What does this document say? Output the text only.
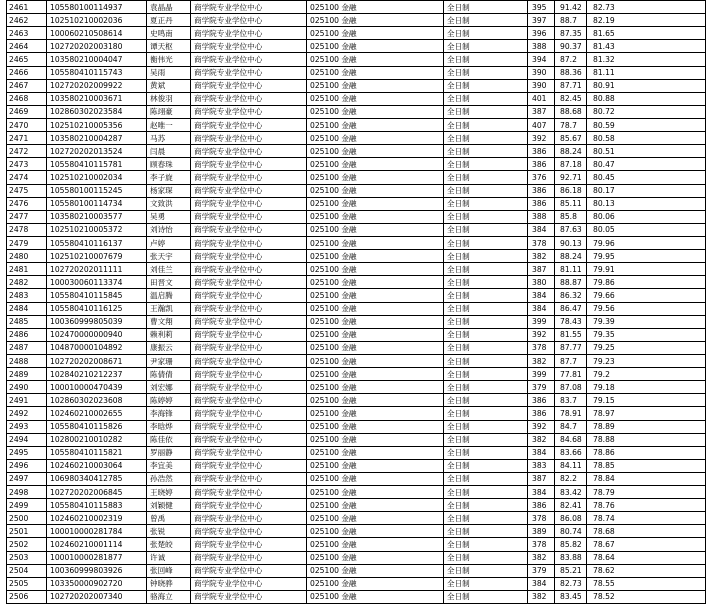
2461	105580100114937	袁晶晶	商学院专业学位中心	025100 金融	全日制	395	91.42	82.73
2462	102510210002036	夏正丹	商学院专业学位中心	025100 金融	全日制	397	88.7	82.19
2463	100060210508614	史鸣南	商学院专业学位中心	025100 金融	全日制	396	87.35	81.65
2464	102720202003180	谭天枢	商学院专业学位中心	025100 金融	全日制	388	90.37	81.43
2465	103580210004047	衡伟光	商学院专业学位中心	025100 金融	全日制	394	87.2	81.32
2466	105580410115743	吴雨	商学院专业学位中心	025100 金融	全日制	390	88.36	81.11
2467	102720202009922	黄斌	商学院专业学位中心	025100 金融	全日制	390	87.71	80.91
2468	103580210003671	林俊羽	商学院专业学位中心	025100 金融	全日制	401	82.45	80.88
2469	102860302023584	陈翊豪	商学院专业学位中心	025100 金融	全日制	387	88.68	80.72
2470	102510210005356	赵唯一	商学院专业学位中心	025100 金融	全日制	407	78.7	80.59
2471	103580210004287	马苏	商学院专业学位中心	025100 金融	全日制	392	85.67	80.58
2472	102720202013524	闫晨	商学院专业学位中心	025100 金融	全日制	386	88.24	80.51
2473	105580410115781	顾春珠	商学院专业学位中心	025100 金融	全日制	386	87.18	80.47
2474	102510210002034	李子旋	商学院专业学位中心	025100 金融	全日制	376	92.71	80.45
2475	105580100115245	杨家琛	商学院专业学位中心	025100 金融	全日制	386	86.18	80.17
2476	105580100114734	文致洪	商学院专业学位中心	025100 金融	全日制	386	85.11	80.13
2477	103580210003577	吴勇	商学院专业学位中心	025100 金融	全日制	388	85.8	80.06
2478	102510210005372	刘诗怡	商学院专业学位中心	025100 金融	全日制	384	87.63	80.05
2479	105580410116137	卢婷	商学院专业学位中心	025100 金融	全日制	378	90.13	79.96
2480	102510210007679	张天宇	商学院专业学位中心	025100 金融	全日制	382	88.24	79.95
2481	102720202011111	刘佳兰	商学院专业学位中心	025100 金融	全日制	387	81.11	79.91
2482	100030060113374	田晋文	商学院专业学位中心	025100 金融	全日制	380	88.87	79.86
2483	105580410115845	温启腾	商学院专业学位中心	025100 金融	全日制	384	86.32	79.66
2484	105580410116125	王瀚凯	商学院专业学位中心	025100 金融	全日制	384	86.47	79.56
2485	100360999805039	曹文翔	商学院专业学位中心	025100 金融	全日制	399	78.43	79.39
2486	102470000000940	赖利莉	商学院专业学位中心	025100 金融	全日制	392	81.55	79.35
2487	104870000104892	康振云	商学院专业学位中心	025100 金融	全日制	378	87.77	79.25
2488	102720202008671	尹家珊	商学院专业学位中心	025100 金融	全日制	382	87.7	79.23
2489	102840210212237	陈倩倩	商学院专业学位中心	025100 金融	全日制	399	77.81	79.2
2490	100010000470439	刘宏娜	商学院专业学位中心	025100 金融	全日制	379	87.08	79.18
2491	102860302023608	陈婷婷	商学院专业学位中心	025100 金融	全日制	386	83.7	79.15
2492	102460210002655	李海锋	商学院专业学位中心	025100 金融	全日制	386	78.91	78.97
2493	105580410115826	李晗烨	商学院专业学位中心	025100 金融	全日制	392	84.7	78.89
2494	102800210010282	陈佳依	商学院专业学位中心	025100 金融	全日制	382	84.68	78.88
2495	105580410115821	罗丽静	商学院专业学位中心	025100 金融	全日制	384	83.66	78.86
2496	102460210003064	李宜美	商学院专业学位中心	025100 金融	全日制	383	84.11	78.85
2497	106980340412785	孙浩然	商学院专业学位中心	025100 金融	全日制	387	82.2	78.84
2498	102720202006845	王晓婷	商学院专业学位中心	025100 金融	全日制	384	83.42	78.79
2499	105580410115883	刘颖健	商学院专业学位中心	025100 金融	全日制	386	82.41	78.76
2500	102460210002319	曾禹	商学院专业学位中心	025100 金融	全日制	378	86.08	78.74
2501	100010000281784	张锐	商学院专业学位中心	025100 金融	全日制	389	80.74	78.68
2502	102460210001114	张楚皎	商学院专业学位中心	025100 金融	全日制	378	85.82	78.67
2503	100010000281877	许诚	商学院专业学位中心	025100 金融	全日制	382	83.88	78.64
2504	100360999803926	张回峰	商学院专业学位中心	025100 金融	全日制	379	85.21	78.62
2505	103350000902720	钟晓骅	商学院专业学位中心	025100 金融	全日制	384	82.73	78.55
2506	102720202007340	骆海立	商学院专业学位中心	025100 金融	全日制	382	83.45	78.52
